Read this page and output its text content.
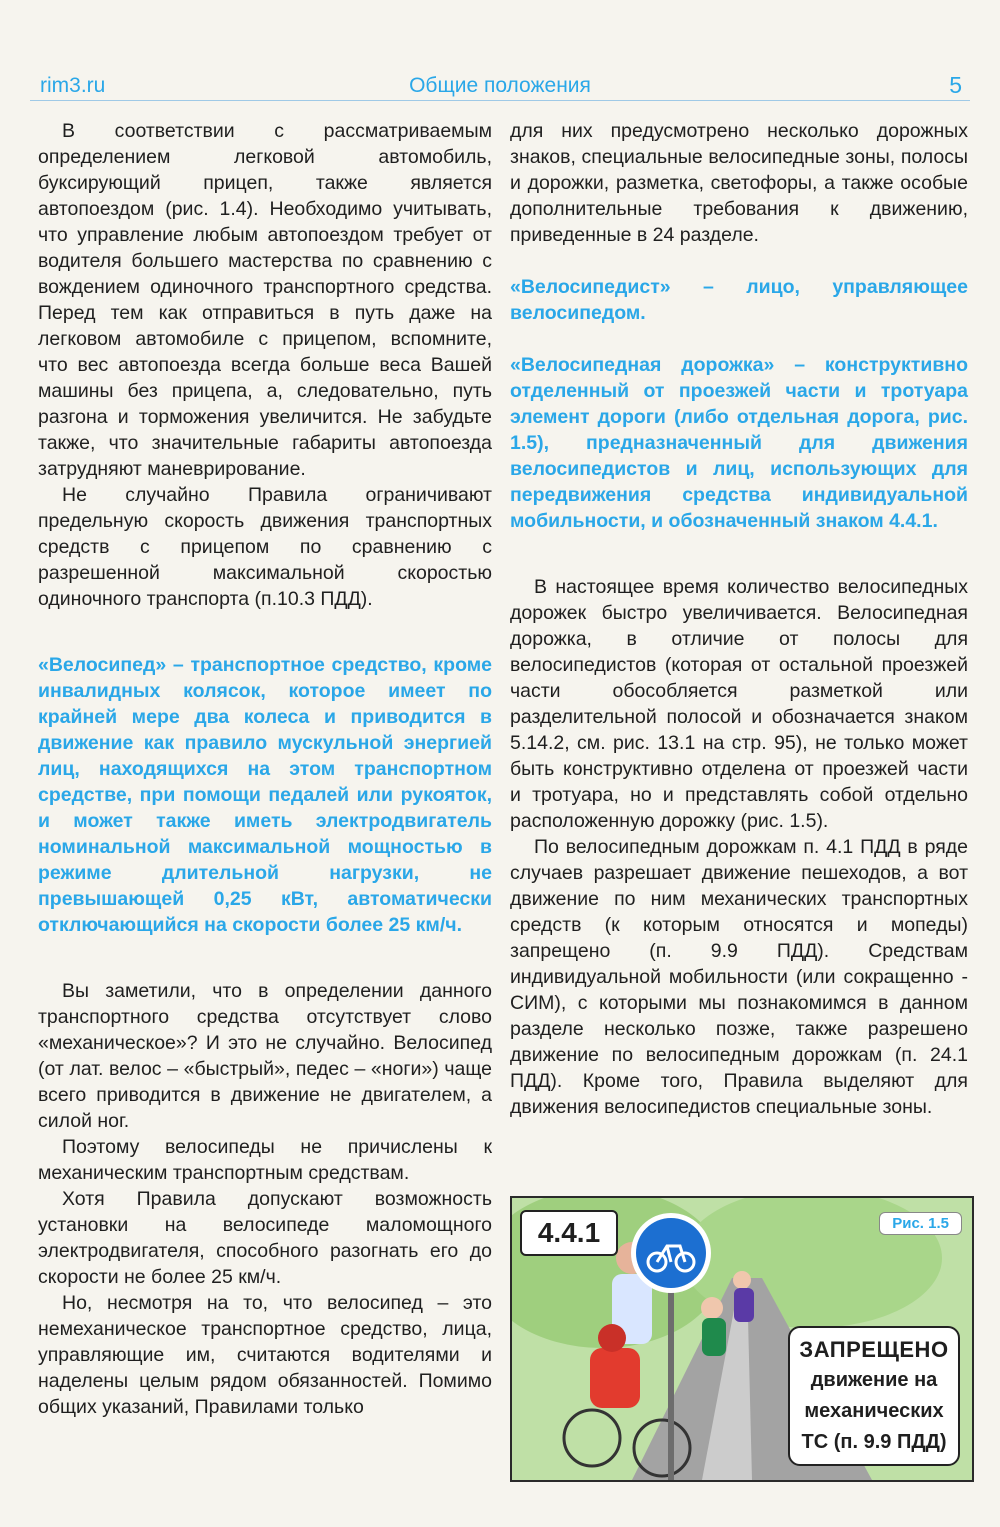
rim3.ru	Общие положения	5

В соответствии с рассматриваемым определением легковой автомобиль, буксирующий прицеп, также является автопоездом (рис. 1.4). Необходимо учитывать, что управление любым автопоездом требует от водителя большего мастерства по сравнению с вождением одиночного транспортного средства. Перед тем как отправиться в путь даже на легковом автомобиле с прицепом, вспомните, что вес автопоезда всегда больше веса Вашей машины без прицепа, а, следовательно, путь разгона и торможения увеличится. Не забудьте также, что значительные габариты автопоезда затрудняют маневрирование.

Не случайно Правила ограничивают предельную скорость движения транспортных средств с прицепом по сравнению с разрешенной максимальной скоростью одиночного транспорта (п.10.3 ПДД).

«Велосипед» – транспортное средство, кроме инвалидных колясок, которое имеет по крайней мере два колеса и приводится в движение как правило мускульной энергией лиц, находящихся на этом транспортном средстве, при помощи педалей или рукояток, и может также иметь электродвигатель номинальной максимальной мощностью в режиме длительной нагрузки, не превышающей 0,25 кВт, автоматически отключающийся на скорости более 25 км/ч.

Вы заметили, что в определении данного транспортного средства отсутствует слово «механическое»? И это не случайно. Велосипед (от лат. велос – «быстрый», педес – «ноги») чаще всего приводится в движение не двигателем, а силой ног.

Поэтому велосипеды не причислены к механическим транспортным средствам.

Хотя Правила допускают возможность установки на велосипеде маломощного электродвигателя, способного разогнать его до скорости не более 25 км/ч.

Но, несмотря на то, что велосипед – это немеханическое транспортное средство, лица, управляющие им, считаются водителями и наделены целым рядом обязанностей. Помимо общих указаний, Правилами только

для них предусмотрено несколько дорожных знаков, специальные велосипедные зоны, полосы и дорожки, разметка, светофоры, а также особые дополнительные требования к движению, приведенные в 24 разделе.

«Велосипедист» – лицо, управляющее велосипедом.

«Велосипедная дорожка» – конструктивно отделенный от проезжей части и тротуара элемент дороги (либо отдельная дорога, рис. 1.5), предназначенный для движения велосипедистов и лиц, использующих для передвижения средства индивидуальной мобильности, и обозначенный знаком 4.4.1.

В настоящее время количество велосипедных дорожек быстро увеличивается. Велосипедная дорожка, в отличие от полосы для велосипедистов (которая от остальной проезжей части обособляется разметкой или разделительной полосой и обозначается знаком 5.14.2, см. рис. 13.1 на стр. 95), не только может быть конструктивно отделена от проезжей части и тротуара, но и представлять собой отдельно расположенную дорожку (рис. 1.5).

По велосипедным дорожкам п. 4.1 ПДД в ряде случаев разрешает движение пешеходов, а вот движение по ним механических транспортных средств (к которым относятся и мопеды) запрещено (п. 9.9 ПДД). Средствам индивидуальной мобильности (или сокращенно - СИМ), с которыми мы познакомимся в данном разделе несколько позже, также разрешено движение по велосипедным дорожкам (п. 24.1 ПДД). Кроме того, Правила выделяют для движения велосипедистов специальные зоны.

4.4.1	Рис. 1.5
ЗАПРЕЩЕНО
движение на
механических
ТС (п. 9.9 ПДД)
